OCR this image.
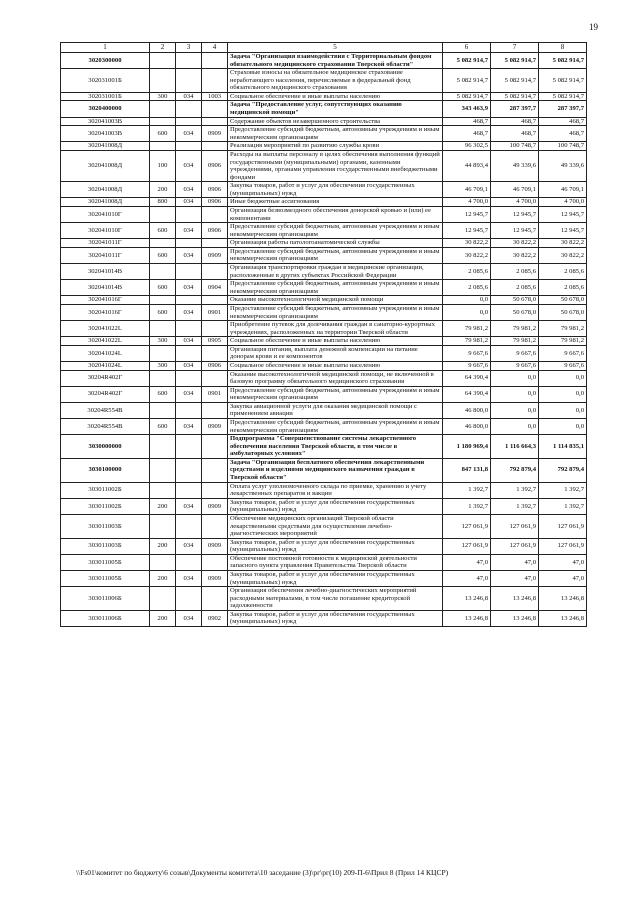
19
1	2	3	4	5	6	7	8
3020300000				Задача "Организация взаимодействия с Территориальным фондом обязательного медицинского страхования Тверской области"	5 082 914,7	5 082 914,7	5 082 914,7
302031001Б				Страховые взносы на обязательное медицинское страхование неработающего населения, перечисляемые в федеральный фонд обязательного медицинского страхования	5 082 914,7	5 082 914,7	5 082 914,7
302031001Б	300	034	1003	Социальное обеспечение и иные выплаты населению	5 082 914,7	5 082 914,7	5 082 914,7
3020400000				Задача "Предоставление услуг, сопутствующих оказанию медицинской помощи"	343 463,9	287 397,7	287 397,7
302041003В				Содержание объектов незавершенного строительства	468,7	468,7	468,7
302041003В	600	034	0909	Предоставление субсидий бюджетным, автономным учреждениям и иным некоммерческим организациям	468,7	468,7	468,7
302041008Д				Реализация мероприятий по развитию службы крови	96 302,5	100 748,7	100 748,7
302041008Д	100	034	0906	Расходы на выплаты персоналу в целях обеспечения выполнения функций государственными (муниципальными) органами, казенными учреждениями, органами управления государственными внебюджетными фондами	44 893,4	49 339,6	49 339,6
302041008Д	200	034	0906	Закупка товаров, работ и услуг для обеспечения государственных (муниципальных) нужд	46 709,1	46 709,1	46 709,1
302041008Д	800	034	0906	Иные бюджетные ассигнования	4 700,0	4 700,0	4 700,0
302041010Г				Организация безвозмездного обеспечения донорской кровью и (или) ее компонентами	12 945,7	12 945,7	12 945,7
302041010Г	600	034	0906	Предоставление субсидий бюджетным, автономным учреждениям и иным некоммерческим организациям	12 945,7	12 945,7	12 945,7
302041011Г				Организация работы патологоанатомической службы	30 822,2	30 822,2	30 822,2
302041011Г	600	034	0909	Предоставление субсидий бюджетным, автономным учреждениям и иным некоммерческим организациям	30 822,2	30 822,2	30 822,2
302041014В				Организация транспортировки граждан в медицинские организации, расположенные в других субъектах Российской Федерации	2 085,6	2 085,6	2 085,6
302041014В	600	034	0904	Предоставление субсидий бюджетным, автономным учреждениям и иным некоммерческим организациям	2 085,6	2 085,6	2 085,6
302041016Г				Оказание высокотехнологичной медицинской помощи	0,0	50 678,0	50 678,0
302041016Г	600	034	0901	Предоставление субсидий бюджетным, автономным учреждениям и иным некоммерческим организациям	0,0	50 678,0	50 678,0
302041022L				Приобретение путевок для долечивания граждан в санаторно-курортных учреждениях, расположенных на территории Тверской области	79 981,2	79 981,2	79 981,2
302041022L	300	034	0905	Социальное обеспечение и иные выплаты населению	79 981,2	79 981,2	79 981,2
302041024L				Организация питания, выплата денежной компенсации на питание донорам крови и ее компонентов	9 667,6	9 667,6	9 667,6
302041024L	300	034	0906	Социальное обеспечение и иные выплаты населению	9 667,6	9 667,6	9 667,6
30204R402Г				Оказание высокотехнологичной медицинской помощи, не включенной в базовую программу обязательного медицинского страхования	64 390,4	0,0	0,0
30204R402Г	600	034	0901	Предоставление субсидий бюджетным, автономным учреждениям и иным некоммерческим организациям	64 390,4	0,0	0,0
30204R554В				Закупка авиационной услуги для оказания медицинской помощи с применением авиации	46 800,0	0,0	0,0
30204R554В	600	034	0909	Предоставление субсидий бюджетным, автономным учреждениям и иным некоммерческим организациям	46 800,0	0,0	0,0
3030000000				Подпрограмма "Совершенствование системы лекарственного обеспечения населения Тверской области, в том числе в амбулаторных условиях"	1 180 969,4	1 116 664,3	1 114 835,1
3030100000				Задача "Организация бесплатного обеспечения лекарственными средствами и изделиями медицинского назначения граждан в Тверской области"	847 131,8	792 879,4	792 879,4
303011002Б				Оплата услуг уполномоченного склада по приемке, хранению и учету лекарственных препаратов и вакцин	1 392,7	1 392,7	1 392,7
303011002Б	200	034	0909	Закупка товаров, работ и услуг для обеспечения государственных (муниципальных) нужд	1 392,7	1 392,7	1 392,7
303011003Б				Обеспечение медицинских организаций Тверской области лекарственными средствами для осуществления лечебно-диагностических мероприятий	127 061,9	127 061,9	127 061,9
303011003Б	200	034	0909	Закупка товаров, работ и услуг для обеспечения государственных (муниципальных) нужд	127 061,9	127 061,9	127 061,9
303011005Б				Обеспечение постоянной готовности к медицинской деятельности запасного пункта управления Правительства Тверской области	47,0	47,0	47,0
303011005Б	200	034	0909	Закупка товаров, работ и услуг для обеспечения государственных (муниципальных) нужд	47,0	47,0	47,0
303011006Б				Организация обеспечения лечебно-диагностических мероприятий расходными материалами, в том числе погашение кредиторской задолженности	13 246,8	13 246,8	13 246,8
303011006Б	200	034	0902	Закупка товаров, работ и услуг для обеспечения государственных (муниципальных) нужд	13 246,8	13 246,8	13 246,8
\\Fs01\комитет по бюджету\6 созыв\Документы комитета\10 заседание (3)\рг\рг(10) 209-П-6\Прил 8 (Прил 14 КЦСР)
